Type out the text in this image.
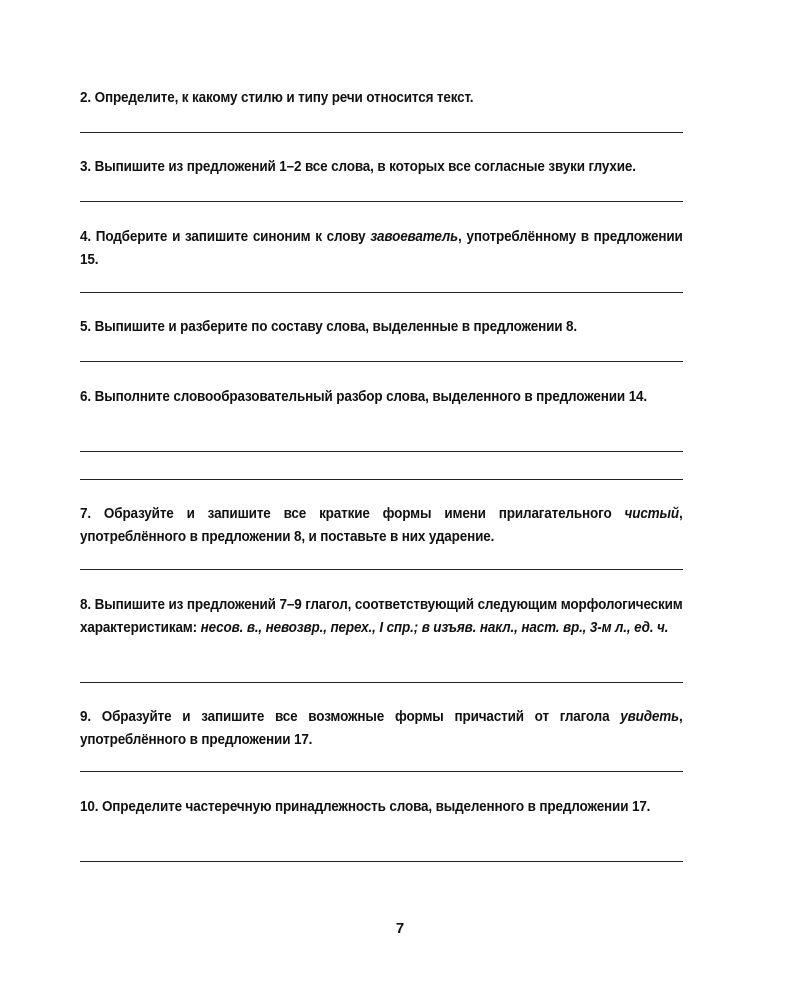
2. Определите, к какому стилю и типу речи относится текст.
3. Выпишите из предложений 1–2 все слова, в которых все согласные звуки глухие.
4. Подберите и запишите синоним к слову завоеватель, употреблённому в предложении 15.
5. Выпишите и разберите по составу слова, выделенные в предложении 8.
6. Выполните словообразовательный разбор слова, выделенного в предложении 14.
7. Образуйте и запишите все краткие формы имени прилагательного чистый, употреблённого в предложении 8, и поставьте в них ударение.
8. Выпишите из предложений 7–9 глагол, соответствующий следующим морфологическим характеристикам: несов. в., невозвр., перех., I спр.; в изъяв. накл., наст. вр., 3-м л., ед. ч.
9. Образуйте и запишите все возможные формы причастий от глагола увидеть, употреблённого в предложении 17.
10. Определите частеречную принадлежность слова, выделенного в предложении 17.
7
